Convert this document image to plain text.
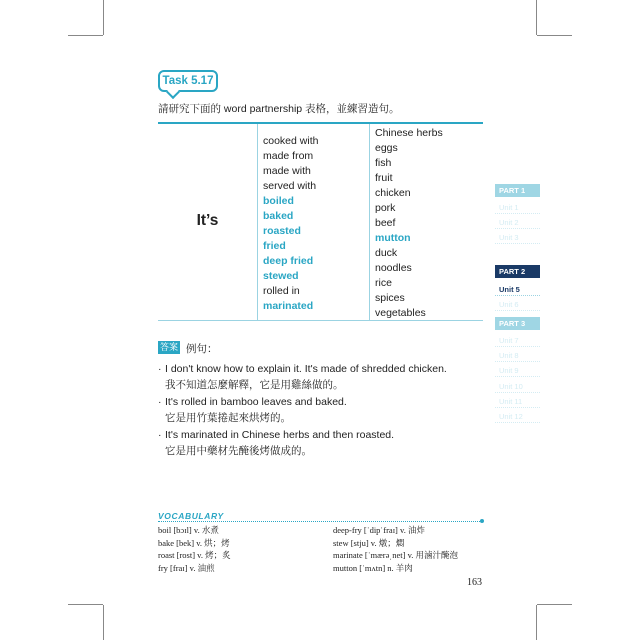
Task 5.17
請研究下面的 word partnership 表格，並練習造句。
It’s
cooked with
made from
made with
served with
boiled
baked
roasted
fried
deep fried
stewed
rolled in
marinated
Chinese herbs
eggs
fish
fruit
chicken
pork
beef
mutton
duck
noodles
rice
spices
vegetables
答案 例句：
· I don't know how to explain it. It's made of shredded chicken.
我不知道怎麼解釋，它是用雞絲做的。
· It's rolled in bamboo leaves and baked.
它是用竹葉捲起來烘烤的。
· It's marinated in Chinese herbs and then roasted.
它是用中藥材先醃後烤做成的。
VOCABULARY
boil [bɔɪl] v. 水煮
bake [bek] v. 烘；烤
roast [rost] v. 烤；炙
fry [fraɪ] v. 油煎
deep-fry [ˈdipˈfraɪ] v. 油炸
stew [stju] v. 燉；燜
marinate [ˈmærəˌnet] v. 用滷汁醃泡
mutton [ˈmʌtn] n. 羊肉
PART 1
Unit 1
Unit 2
Unit 3
PART 2
Unit 5
Unit 6
PART 3
Unit 7
Unit 8
Unit 9
Unit 10
Unit 11
Unit 12
163
